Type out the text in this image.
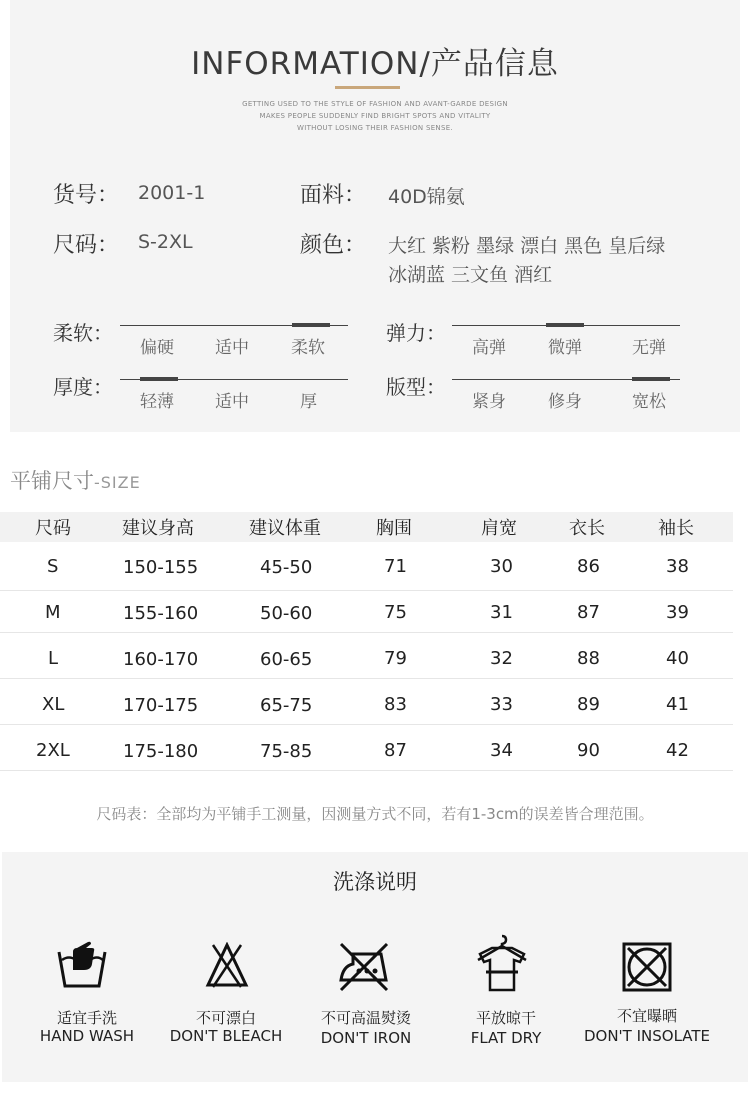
INFORMATION/产品信息
GETTING USED TO THE STYLE OF FASHION AND AVANT-GARDE DESIGN
MAKES PEOPLE SUDDENLY FIND BRIGHT SPOTS AND VITALITY
WITHOUT LOSING THEIR FASHION SENSE.
货号： 2001-1	面料： 40D锦氨
尺码： S-2XL	颜色： 大红 紫粉 墨绿 漂白 黑色 皇后绿
冰湖蓝 三文鱼 酒红
柔软：
偏硬 适中 柔软
弹力：
高弹 微弹	无弹
厚度：
轻薄 适中	厚
版型：
紧身 修身	宽松
平铺尺寸-SIZE
尺码	建议身高	建议体重	胸围	肩宽	衣长	袖长
S	150-155	45-50	71	30	86	38
M	155-160	50-60	75	31	87	39
L	160-170	60-65	79	32	88	40
XL	170-175	65-75	83	33	89	41
2XL	175-180	75-85	87	34	90	42
尺码表：全部均为平铺手工测量，因测量方式不同，若有1-3cm的误差皆合理范围。
洗涤说明
适宜手洗
HAND WASH
不可漂白
DON'T BLEACH
不可高温熨烫
DON'T IRON
平放晾干
FLAT DRY
不宜曝晒
DON'T INSOLATE
